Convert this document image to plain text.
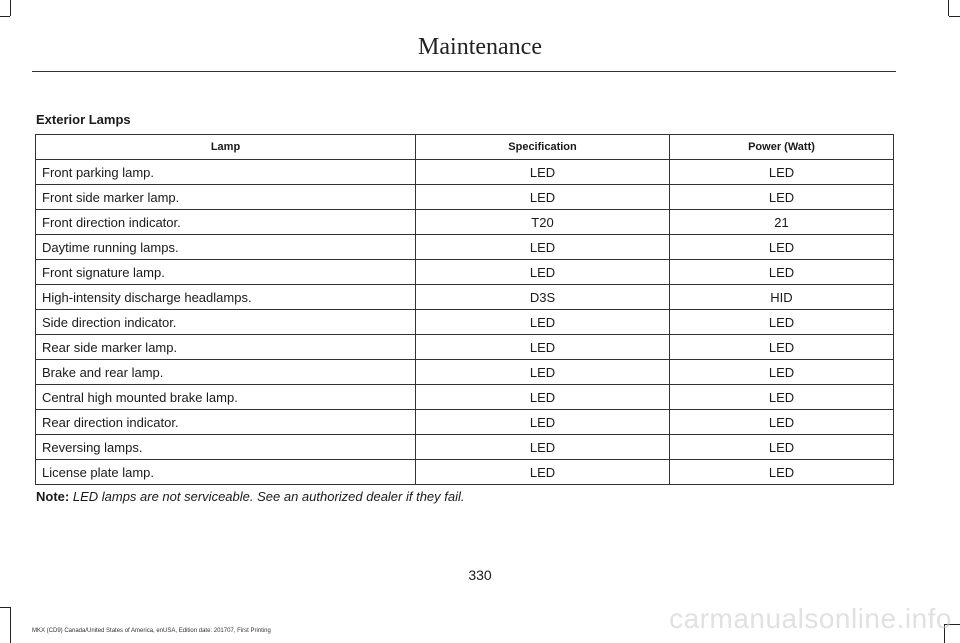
Maintenance
Exterior Lamps
Lamp	Specification	Power (Watt)
Front parking lamp.	LED	LED
Front side marker lamp.	LED	LED
Front direction indicator.	T20	21
Daytime running lamps.	LED	LED
Front signature lamp.	LED	LED
High-intensity discharge headlamps.	D3S	HID
Side direction indicator.	LED	LED
Rear side marker lamp.	LED	LED
Brake and rear lamp.	LED	LED
Central high mounted brake lamp.	LED	LED
Rear direction indicator.	LED	LED
Reversing lamps.	LED	LED
License plate lamp.	LED	LED
Note: LED lamps are not serviceable. See an authorized dealer if they fail.
330
MKX (CD9) Canada/United States of America, enUSA, Edition date: 201707, First Printing	carmanualsonline.info
